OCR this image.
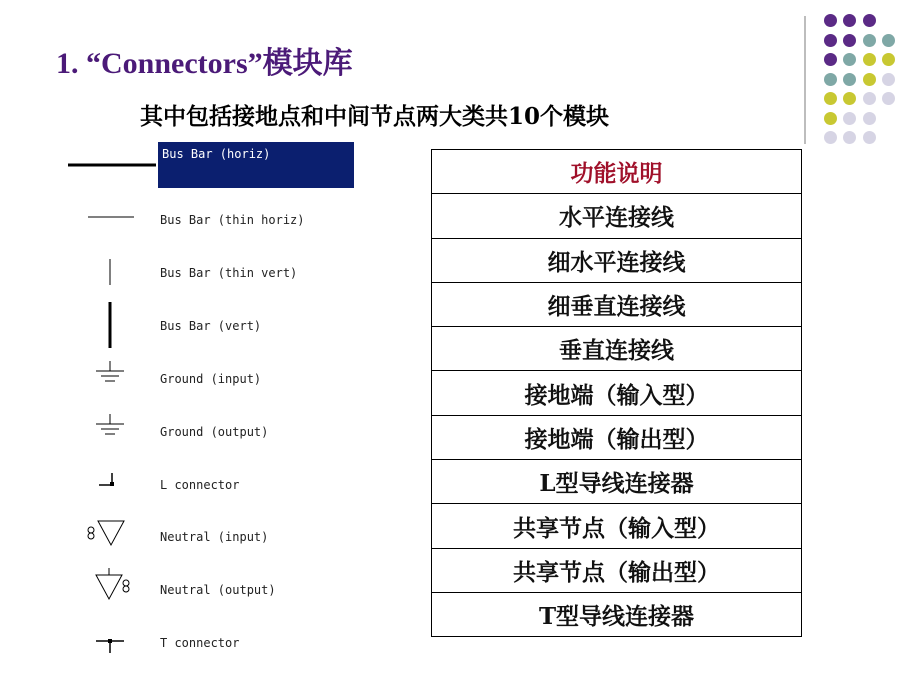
1. “Connectors”模块库
其中包括接地点和中间节点两大类共10个模块
Bus Bar (horiz)
Bus Bar (thin horiz)
Bus Bar (thin vert)
Bus Bar (vert)
Ground (input)
Ground (output)
L connector
Neutral (input)
Neutral (output)
T connector
功能说明
水平连接线
细水平连接线
细垂直连接线
垂直连接线
接地端（输入型）
接地端（输出型）
L型导线连接器
共享节点（输入型）
共享节点（输出型）
T型导线连接器
